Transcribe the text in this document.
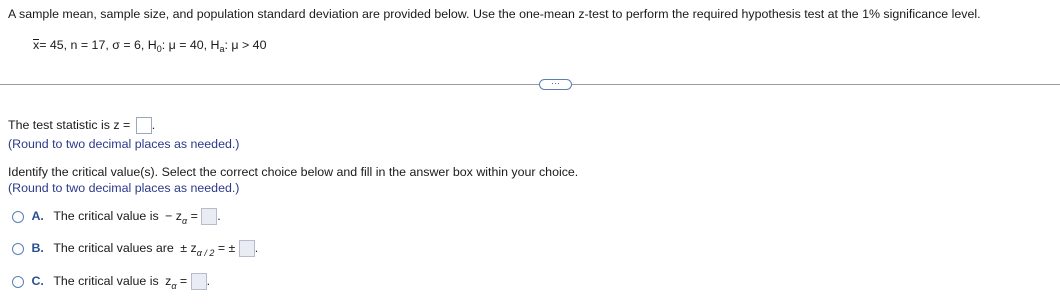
A sample mean, sample size, and population standard deviation are provided below. Use the one-mean z-test to perform the required hypothesis test at the 1% significance level.
x= 45, n = 17, σ = 6, $H_0$: μ = 40, $H_a$: μ > 40
···
The test statistic is z = .
(Round to two decimal places as needed.)
Identify the critical value(s). Select the correct choice below and fill in the answer box within your choice.
(Round to two decimal places as needed.)
A. The critical value is − $z_\alpha$ = .
B. The critical values are ± $z_{\alpha / 2}$ = ± .
C. The critical value is $z_\alpha$ = .
